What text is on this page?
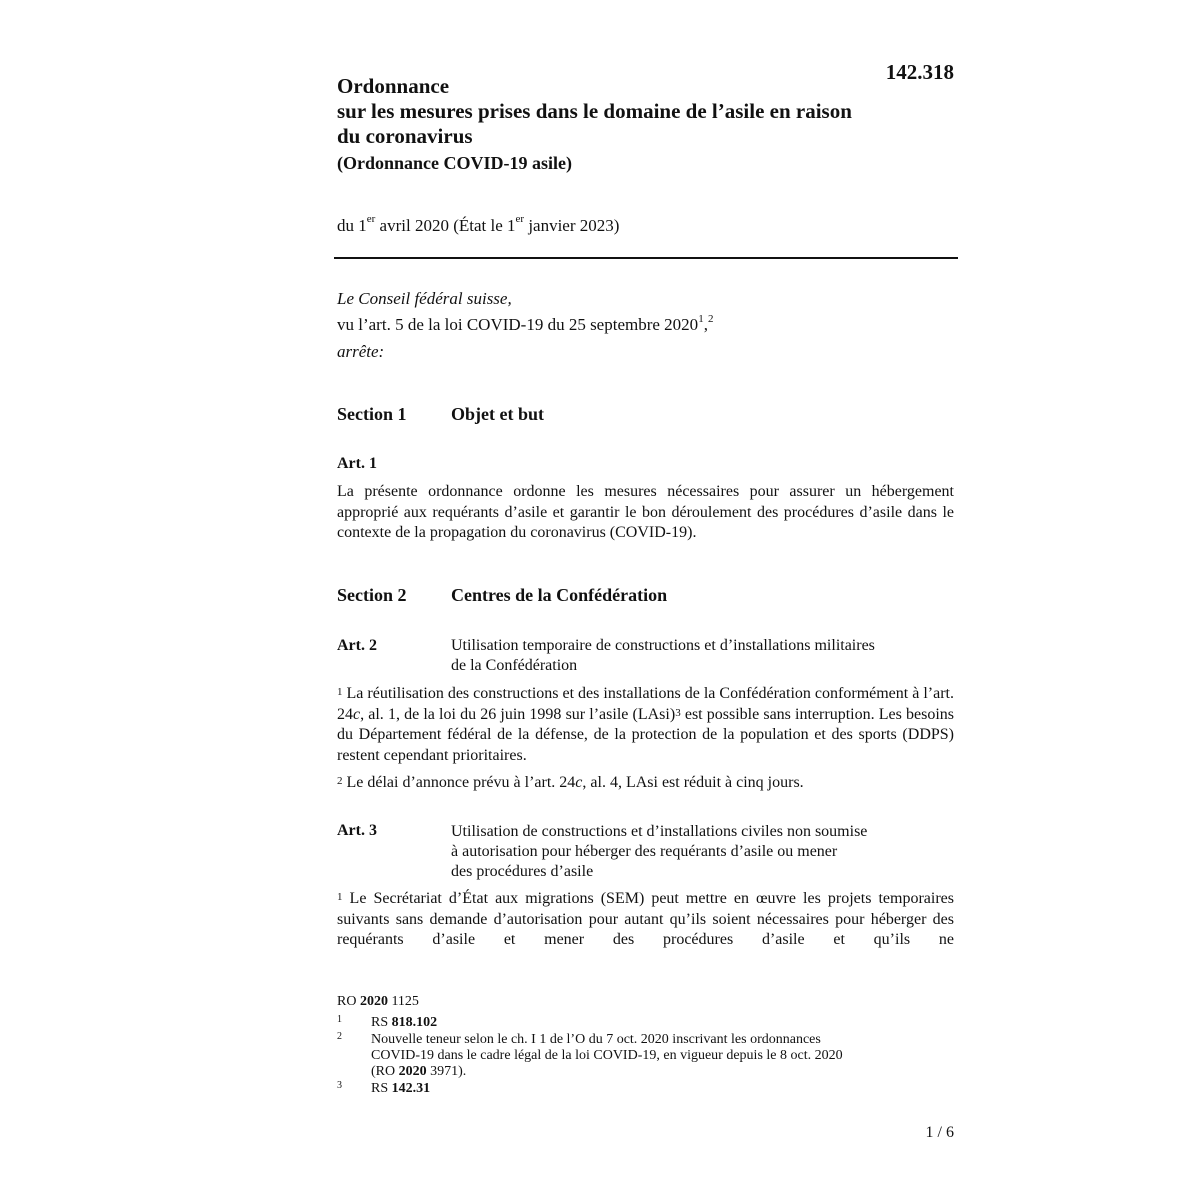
142.318
Ordonnance
sur les mesures prises dans le domaine de l’asile en raison
du coronavirus
(Ordonnance COVID-19 asile)
du 1er avril 2020 (État le 1er janvier 2023)
Le Conseil fédéral suisse,
vu l’art. 5 de la loi COVID-19 du 25 septembre 2020$^1$,$^2$
arrête:
Section 1 Objet et but
Art. 1
La présente ordonnance ordonne les mesures nécessaires pour assurer un hébergement approprié aux requérants d’asile et garantir le bon déroulement des procédures d’asile dans le contexte de la propagation du coronavirus (COVID-19).
Section 2 Centres de la Confédération
Art. 2	Utilisation temporaire de constructions et d’installations militaires
de la Confédération
$^1$ La réutilisation des constructions et des installations de la Confédération conformément à l’art. 24c, al. 1, de la loi du 26 juin 1998 sur l’asile (LAsi)$^3$ est possible sans interruption. Les besoins du Département fédéral de la défense, de la protection de la population et des sports (DDPS) restent cependant prioritaires.
$^2$ Le délai d’annonce prévu à l’art. 24c, al. 4, LAsi est réduit à cinq jours.
Art. 3	Utilisation de constructions et d’installations civiles non soumise
à autorisation pour héberger des requérants d’asile ou mener
des procédures d’asile
$^1$ Le Secrétariat d’État aux migrations (SEM) peut mettre en œuvre les projets temporaires suivants sans demande d’autorisation pour autant qu’ils soient nécessaires pour héberger des requérants d’asile et mener des procédures d’asile et qu’ils ne
RO 2020 1125
1 RS 818.102
2 Nouvelle teneur selon le ch. I 1 de l’O du 7 oct. 2020 inscrivant les ordonnances
COVID-19 dans le cadre légal de la loi COVID-19, en vigueur depuis le 8 oct. 2020
(RO 2020 3971).
3 RS 142.31
1 / 6
